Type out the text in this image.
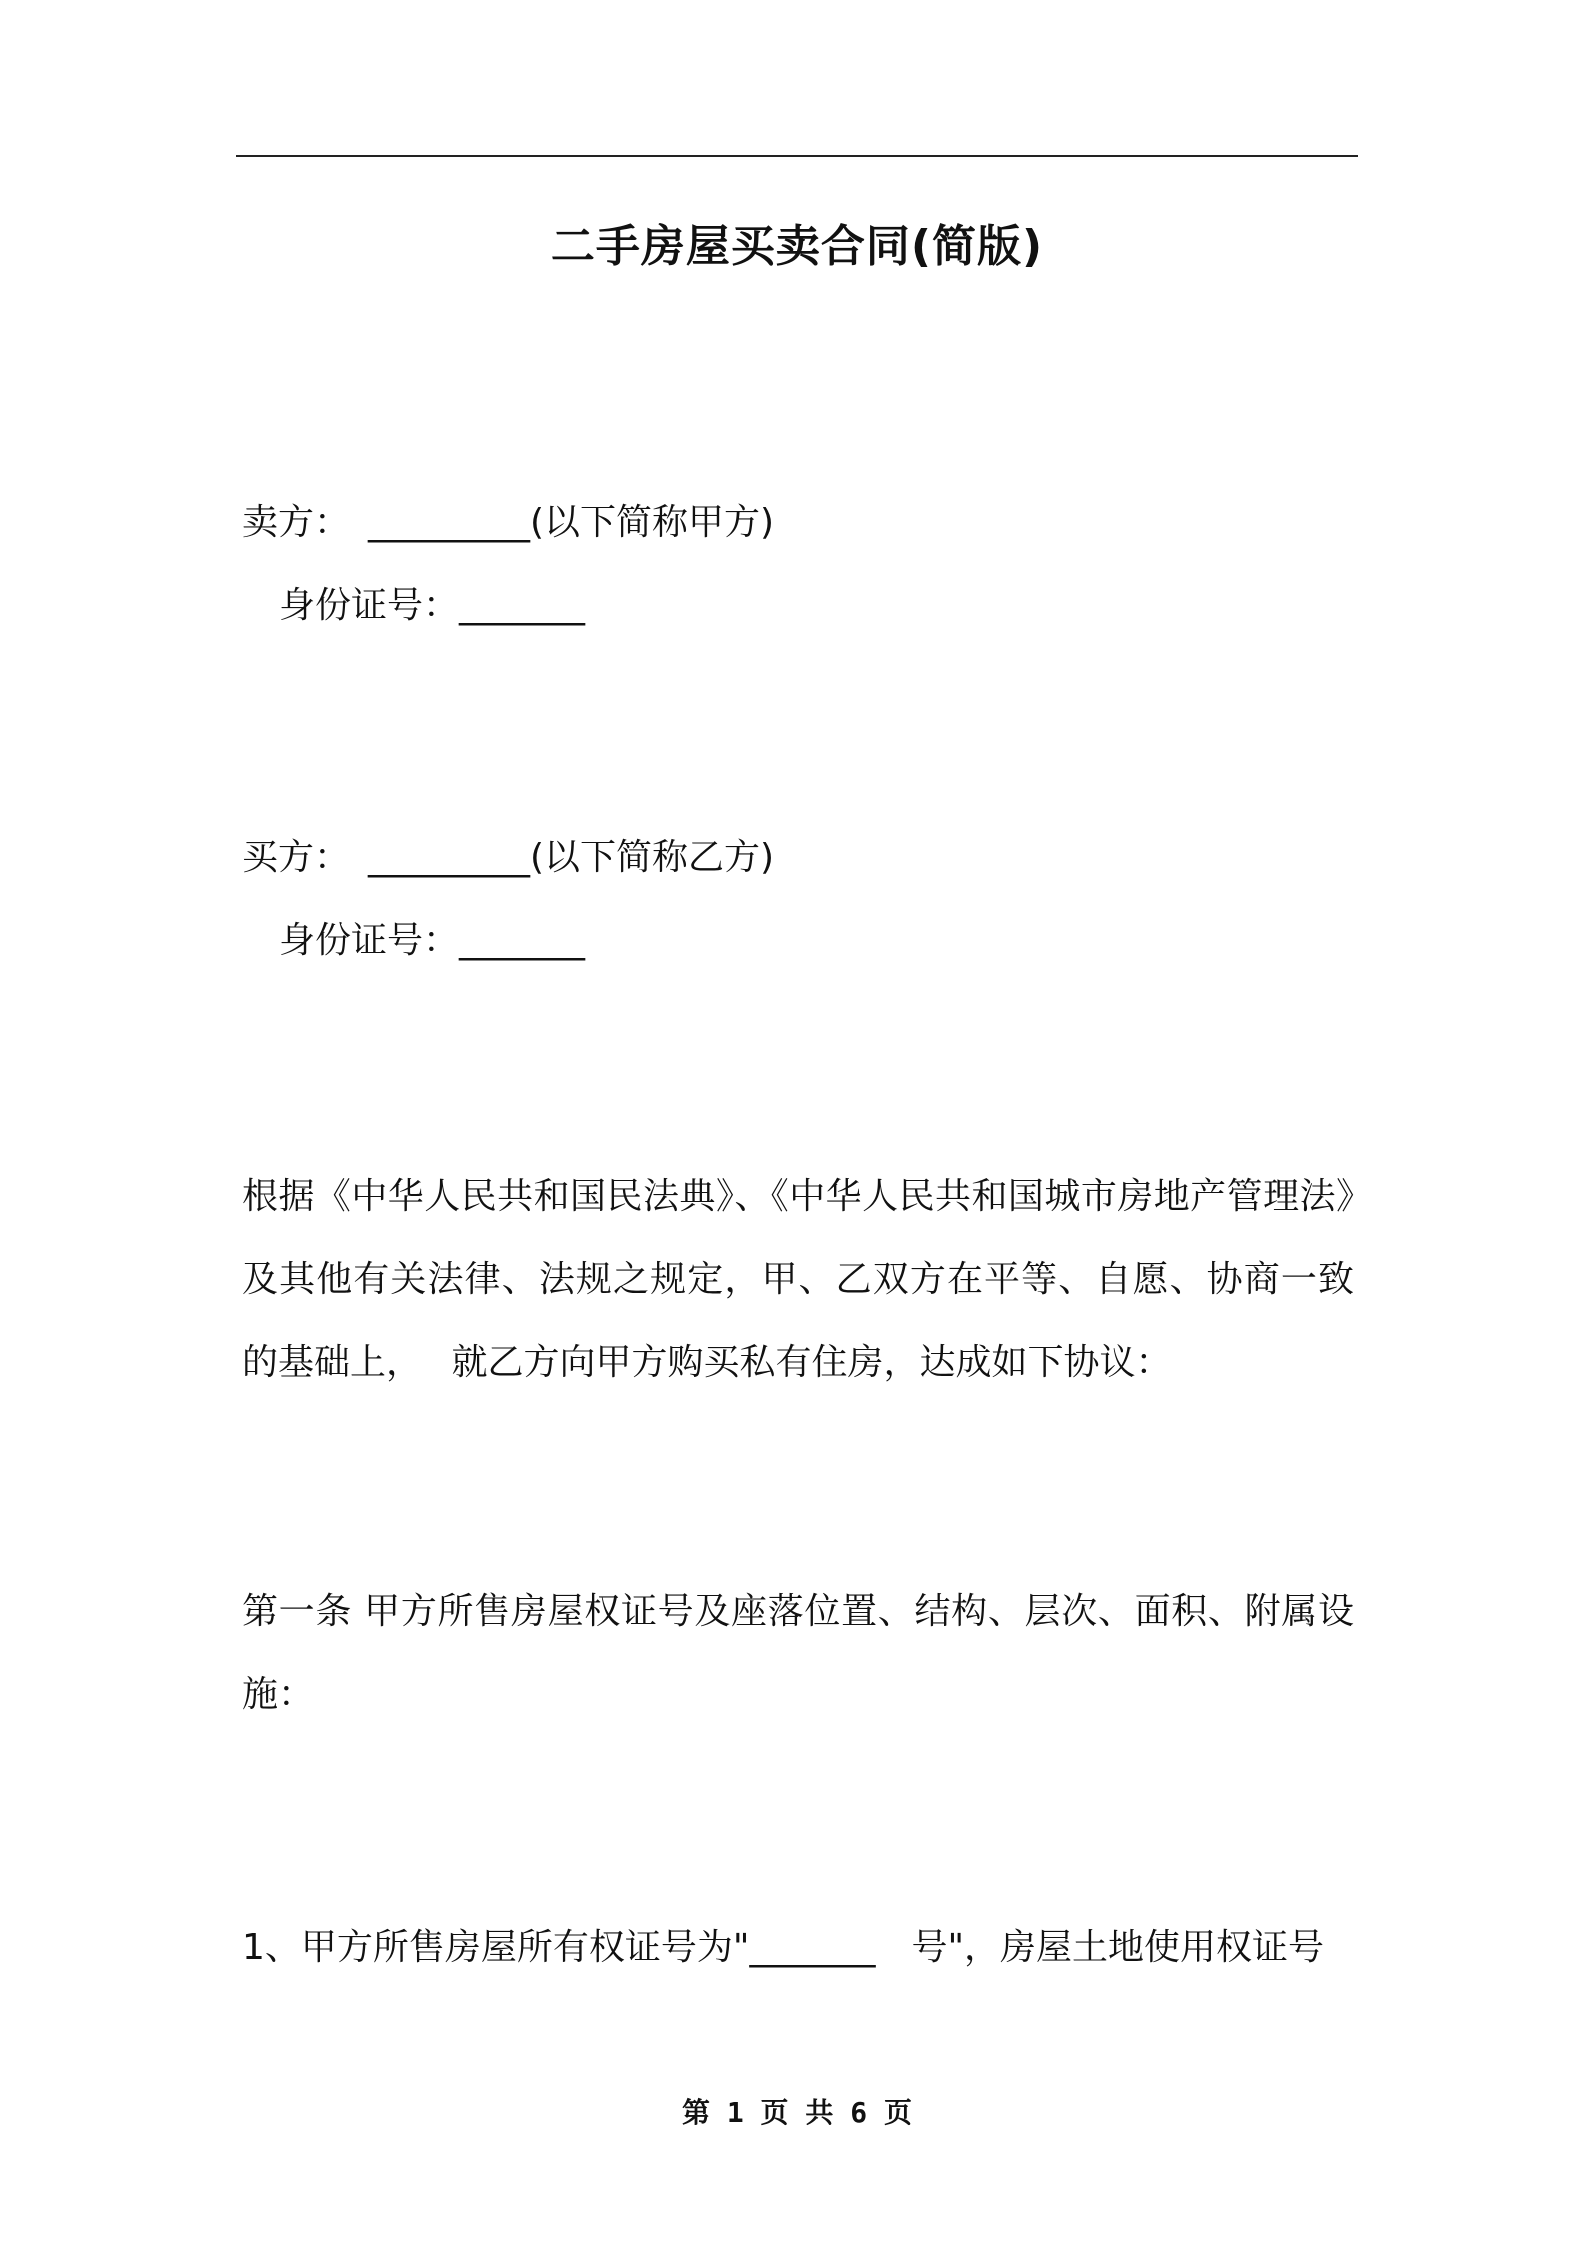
二手房屋买卖合同(简版)
卖方：　_________(以下简称甲方)
身份证号：_______
买方：　_________(以下简称乙方)
身份证号：_______
根据《中华人民共和国民法典》、《中华人民共和国城市房地产管理法》及其他有关法律、法规之规定，甲、乙双方在平等、自愿、协商一致的基础上，　 就乙方向甲方购买私有住房，达成如下协议：
第一条 甲方所售房屋权证号及座落位置、结构、层次、面积、附属设施：
1、甲方所售房屋所有权证号为"_______　号"，房屋土地使用权证号
第 1 页 共 6 页
